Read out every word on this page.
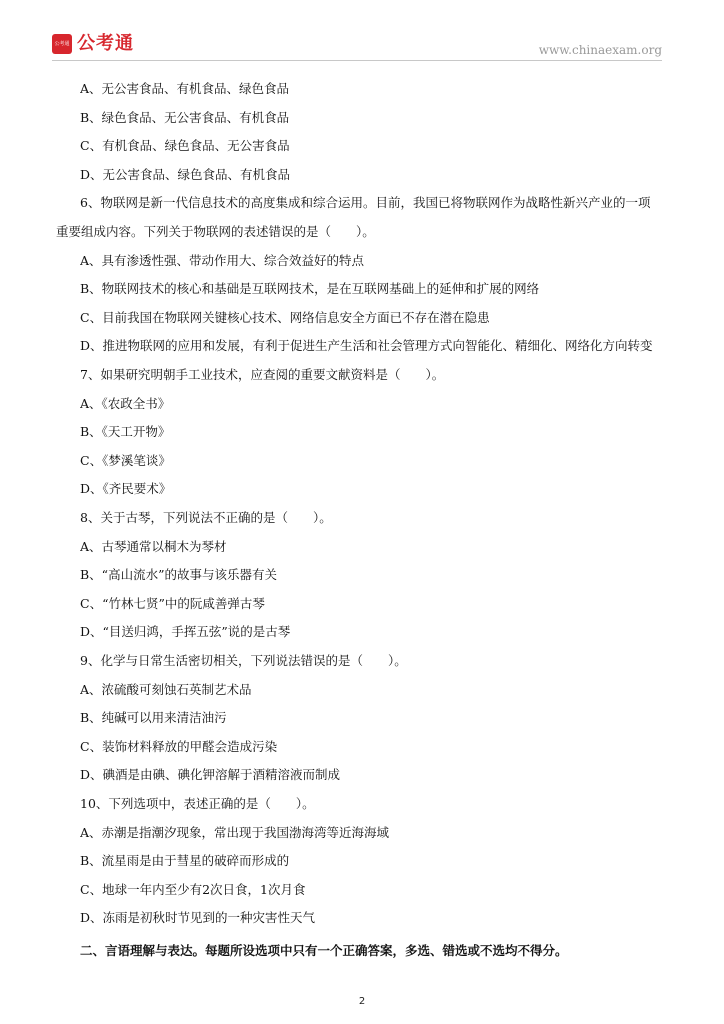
公考通 公考通	www.chinaexam.org
A、无公害食品、有机食品、绿色食品
B、绿色食品、无公害食品、有机食品
C、有机食品、绿色食品、无公害食品
D、无公害食品、绿色食品、有机食品
6、物联网是新一代信息技术的高度集成和综合运用。目前，我国已将物联网作为战略性新兴产业的一项
重要组成内容。下列关于物联网的表述错误的是（　　）。
A、具有渗透性强、带动作用大、综合效益好的特点
B、物联网技术的核心和基础是互联网技术，是在互联网基础上的延伸和扩展的网络
C、目前我国在物联网关键核心技术、网络信息安全方面已不存在潜在隐患
D、推进物联网的应用和发展，有利于促进生产生活和社会管理方式向智能化、精细化、网络化方向转变
7、如果研究明朝手工业技术，应查阅的重要文献资料是（　　）。
A、《农政全书》
B、《天工开物》
C、《梦溪笔谈》
D、《齐民要术》
8、关于古琴，下列说法不正确的是（　　）。
A、古琴通常以桐木为琴材
B、“高山流水”的故事与该乐器有关
C、“竹林七贤”中的阮咸善弹古琴
D、“目送归鸿，手挥五弦”说的是古琴
9、化学与日常生活密切相关，下列说法错误的是（　　）。
A、浓硫酸可刻蚀石英制艺术品
B、纯碱可以用来清洁油污
C、装饰材料释放的甲醛会造成污染
D、碘酒是由碘、碘化钾溶解于酒精溶液而制成
10、下列选项中，表述正确的是（　　）。
A、赤潮是指潮汐现象，常出现于我国渤海湾等近海海域
B、流星雨是由于彗星的破碎而形成的
C、地球一年内至少有2次日食，1次月食
D、冻雨是初秋时节见到的一种灾害性天气
二、言语理解与表达。每题所设选项中只有一个正确答案，多选、错选或不选均不得分。
2
